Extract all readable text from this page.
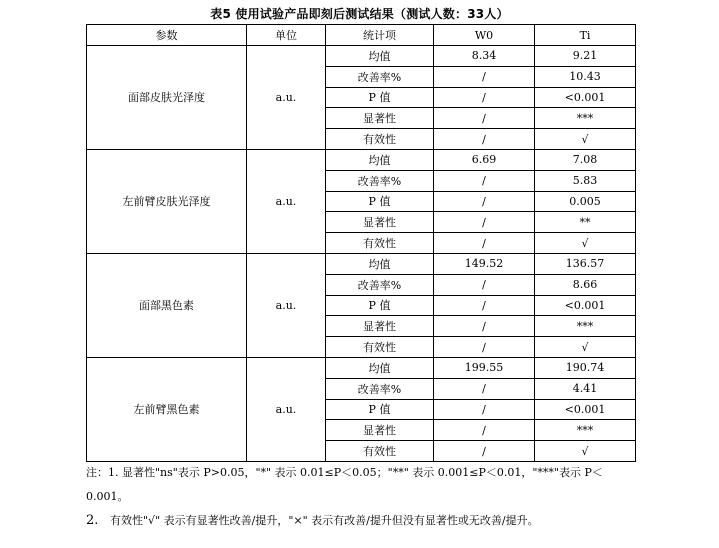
表5 使用试验产品即刻后测试结果（测试人数：33人）
参数	单位	统计项	W0	Ti
面部皮肤光泽度	a.u.	均值	8.34	9.21
		改善率%	/	10.43
		P 值	/	<0.001
		显著性	/	***
		有效性	/	√
左前臂皮肤光泽度	a.u.	均值	6.69	7.08
		改善率%	/	5.83
		P 值	/	0.005
		显著性	/	**
		有效性	/	√
面部黑色素	a.u.	均值	149.52	136.57
		改善率%	/	8.66
		P 值	/	<0.001
		显著性	/	***
		有效性	/	√
左前臂黑色素	a.u.	均值	199.55	190.74
		改善率%	/	4.41
		P 值	/	<0.001
		显著性	/	***
		有效性	/	√
注：1. 显著性"ns"表示 P>0.05，"*" 表示 0.01≤P＜0.05；"**" 表示 0.001≤P＜0.01，"***"表示 P＜
0.001。
2. 有效性"√" 表示有显著性改善/提升，"×" 表示有改善/提升但没有显著性或无改善/提升。
